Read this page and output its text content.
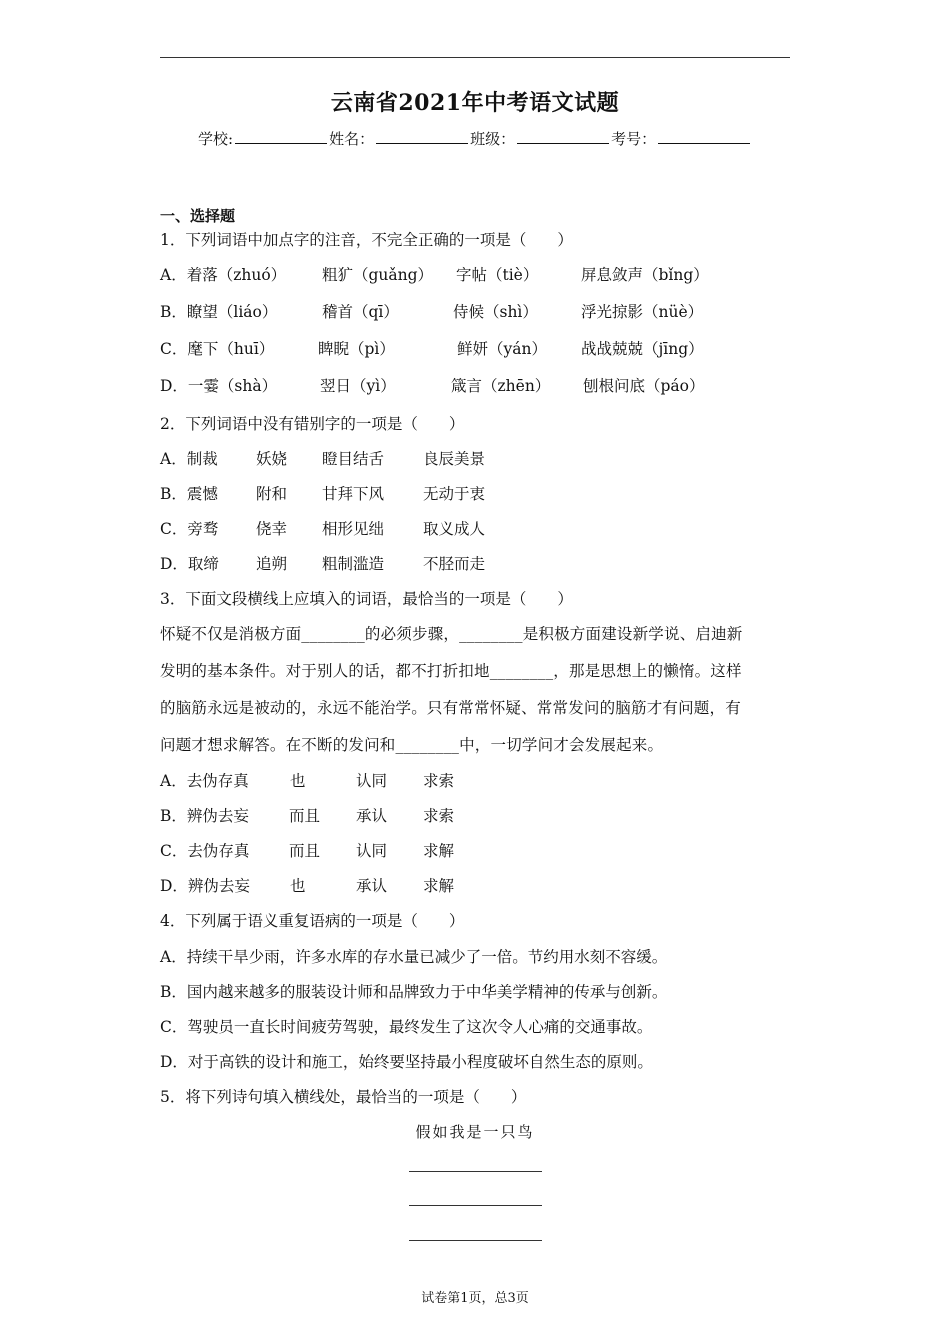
云南省2021年中考语文试题
学校:	姓名：	班级：	考号：
一、选择题
1．下列词语中加点字的注音，不完全正确的一项是（　　）
A．着落（zhuó） 粗犷（guǎng） 字帖（tiè）	屏息敛声（bǐng）
B．瞭望（liáo）	稽首（qī）	侍候（shì）	浮光掠影（nüè）
C．麾下（huī）	睥睨（pì）	鲜妍（yán） 战战兢兢（jīng）
D．一霎（shà）	翌日（yì）	箴言（zhēn） 刨根问底（páo）
2．下列词语中没有错别字的一项是（　　）
A．制裁 妖娆 瞪目结舌	良辰美景
B．震憾 附和 甘拜下风	无动于衷
C．旁骛 侥幸 相形见绌	取义成人
D．取缔 追朔 粗制滥造	不胫而走
3．下面文段横线上应填入的词语，最恰当的一项是（　　）
怀疑不仅是消极方面________的必须步骤，________是积极方面建设新学说、启迪新
发明的基本条件。对于别人的话，都不打折扣地________，那是思想上的懒惰。这样
的脑筋永远是被动的，永远不能治学。只有常常怀疑、常常发问的脑筋才有问题，有
问题才想求解答。在不断的发问和________中，一切学问才会发展起来。
A．去伪存真	也	认同 求索
B．辨伪去妄	而且 承认 求索
C．去伪存真	而且 认同 求解
D．辨伪去妄	也	承认 求解
4．下列属于语义重复语病的一项是（　　）
A．持续干旱少雨，许多水库的存水量已减少了一倍。节约用水刻不容缓。
B．国内越来越多的服装设计师和品牌致力于中华美学精神的传承与创新。
C．驾驶员一直长时间疲劳驾驶，最终发生了这次令人心痛的交通事故。
D．对于高铁的设计和施工，始终要坚持最小程度破坏自然生态的原则。
5．将下列诗句填入横线处，最恰当的一项是（　　）
假如我是一只鸟
试卷第1页，总3页
